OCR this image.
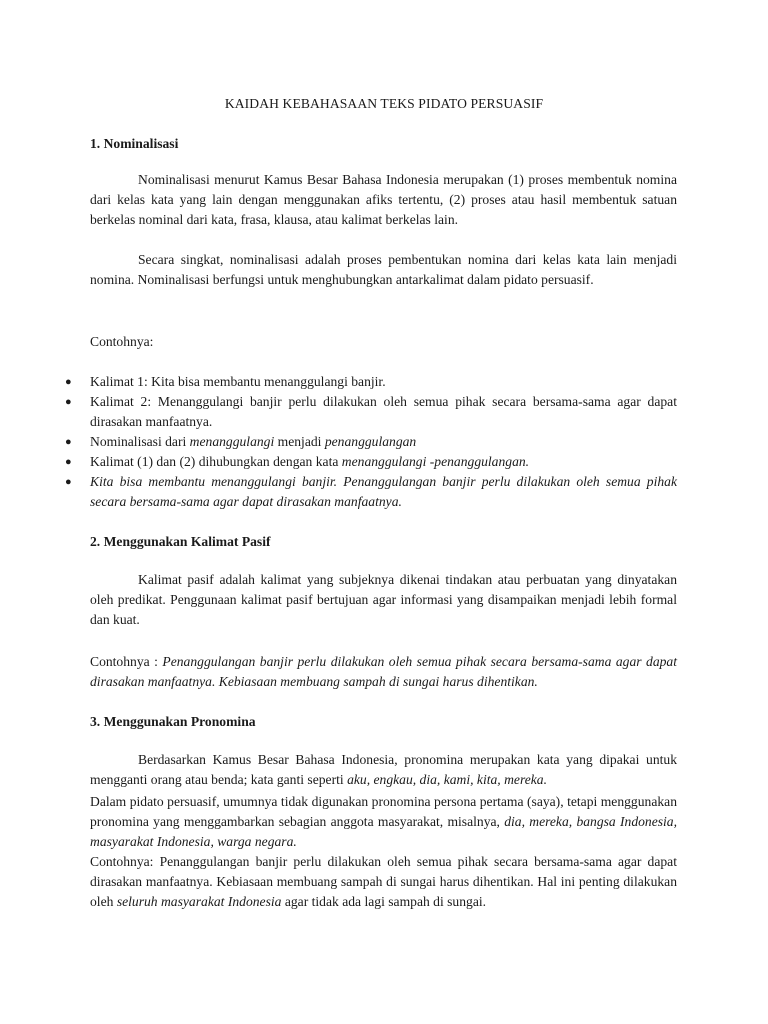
KAIDAH KEBAHASAAN TEKS PIDATO PERSUASIF
1. Nominalisasi
Nominalisasi menurut Kamus Besar Bahasa Indonesia merupakan (1) proses membentuk nomina dari kelas kata yang lain dengan menggunakan afiks tertentu, (2) proses atau hasil membentuk satuan berkelas nominal dari kata, frasa, klausa, atau kalimat berkelas lain.
Secara singkat, nominalisasi adalah proses pembentukan nomina dari kelas kata lain menjadi nomina. Nominalisasi berfungsi untuk menghubungkan antarkalimat dalam pidato persuasif.
Contohnya:
● Kalimat 1: Kita bisa membantu menanggulangi banjir.
● Kalimat 2: Menanggulangi banjir perlu dilakukan oleh semua pihak secara bersama-sama agar dapat dirasakan manfaatnya.
● Nominalisasi dari menanggulangi menjadi penanggulangan
● Kalimat (1) dan (2) dihubungkan dengan kata menanggulangi -penanggulangan.
● Kita bisa membantu menanggulangi banjir. Penanggulangan banjir perlu dilakukan oleh semua pihak secara bersama-sama agar dapat dirasakan manfaatnya.
2. Menggunakan Kalimat Pasif
Kalimat pasif adalah kalimat yang subjeknya dikenai tindakan atau perbuatan yang dinyatakan oleh predikat. Penggunaan kalimat pasif bertujuan agar informasi yang disampaikan menjadi lebih formal dan kuat.
Contohnya : Penanggulangan banjir perlu dilakukan oleh semua pihak secara bersama-sama agar dapat dirasakan manfaatnya. Kebiasaan membuang sampah di sungai harus dihentikan.
3. Menggunakan Pronomina
Berdasarkan Kamus Besar Bahasa Indonesia, pronomina merupakan kata yang dipakai untuk mengganti orang atau benda; kata ganti seperti aku, engkau, dia, kami, kita, mereka.
Dalam pidato persuasif, umumnya tidak digunakan pronomina persona pertama (saya), tetapi menggunakan pronomina yang menggambarkan sebagian anggota masyarakat, misalnya, dia, mereka, bangsa Indonesia, masyarakat Indonesia, warga negara.
Contohnya: Penanggulangan banjir perlu dilakukan oleh semua pihak secara bersama-sama agar dapat dirasakan manfaatnya. Kebiasaan membuang sampah di sungai harus dihentikan. Hal ini penting dilakukan oleh seluruh masyarakat Indonesia agar tidak ada lagi sampah di sungai.
